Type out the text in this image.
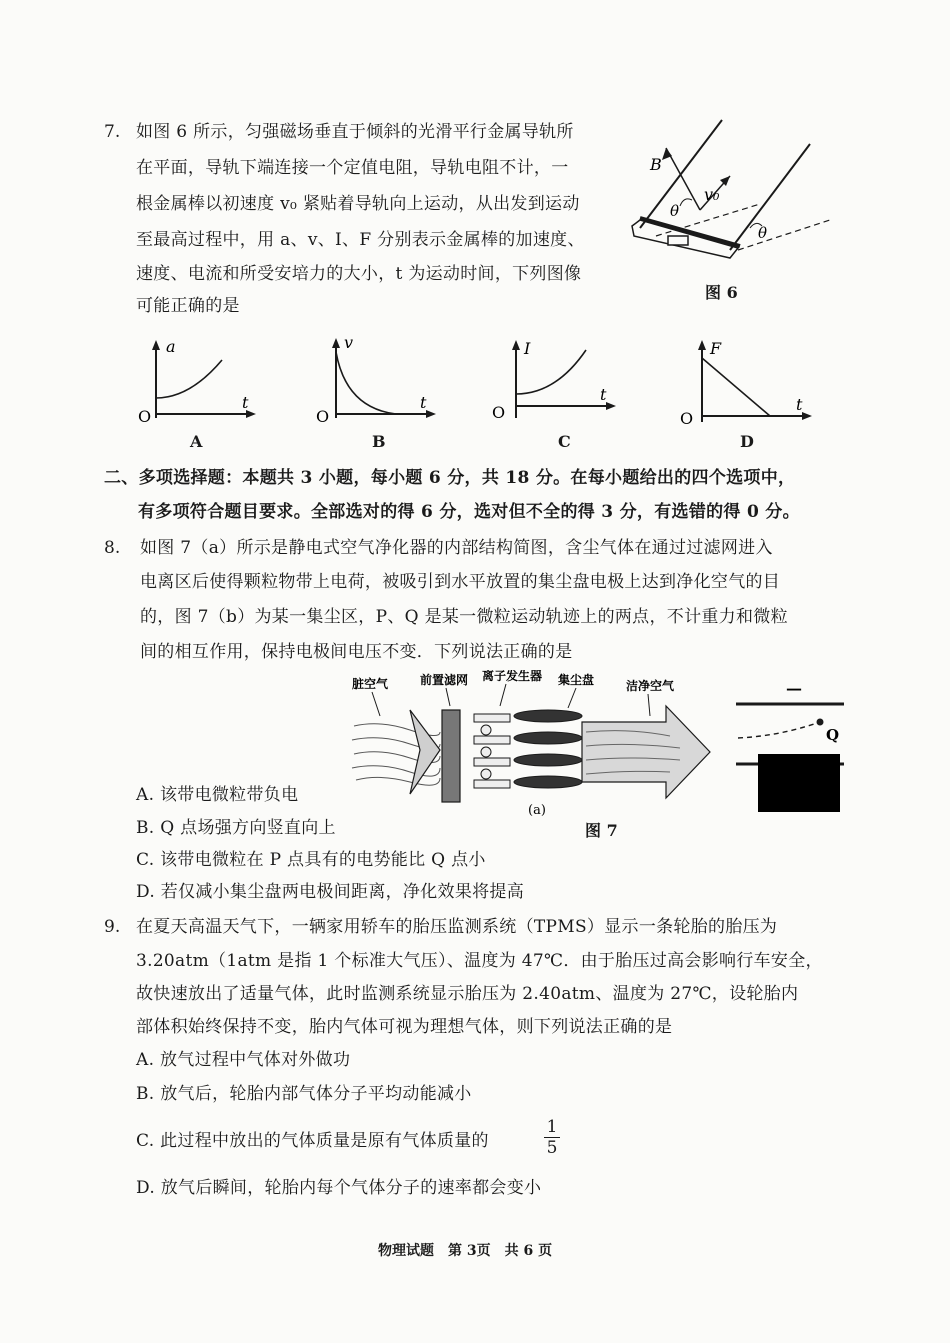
7. 如图 6 所示，匀强磁场垂直于倾斜的光滑平行金属导轨所
在平面，导轨下端连接一个定值电阻，导轨电阻不计，一
根金属棒以初速度 v₀ 紧贴着导轨向上运动，从出发到运动
至最高过程中，用 a、v、I、F 分别表示金属棒的加速度、
速度、电流和所受安培力的大小，t 为运动时间，下列图像
可能正确的是
B
v₀
θ
θ
图 6
a
t
O
A
v
t
O
B
I
t
O
C
F
t
O
D
二、多项选择题：本题共 3 小题，每小题 6 分，共 18 分。在每小题给出的四个选项中，
有多项符合题目要求。全部选对的得 6 分，选对但不全的得 3 分，有选错的得 0 分。
8. 如图 7（a）所示是静电式空气净化器的内部结构简图，含尘气体在通过过滤网进入
电离区后使得颗粒物带上电荷，被吸引到水平放置的集尘盘电极上达到净化空气的目
的，图 7（b）为某一集尘区，P、Q 是某一微粒运动轨迹上的两点，不计重力和微粒
间的相互作用，保持电极间电压不变．下列说法正确的是
脏空气	前置滤网 离子发生器 集尘盘	洁净空气
(a)
—
Q
图 7
A. 该带电微粒带负电
B. Q 点场强方向竖直向上
C. 该带电微粒在 P 点具有的电势能比 Q 点小
D. 若仅减小集尘盘两电极间距离，净化效果将提高
9. 在夏天高温天气下，一辆家用轿车的胎压监测系统（TPMS）显示一条轮胎的胎压为
3.20atm（1atm 是指 1 个标准大气压）、温度为 47℃．由于胎压过高会影响行车安全，
故快速放出了适量气体，此时监测系统显示胎压为 2.40atm、温度为 27℃，设轮胎内
部体积始终保持不变，胎内气体可视为理想气体，则下列说法正确的是
A. 放气过程中气体对外做功
B. 放气后，轮胎内部气体分子平均动能减小
C. 此过程中放出的气体质量是原有气体质量的
1
5
D. 放气后瞬间，轮胎内每个气体分子的速率都会变小
物理试题　第 3页　共 6 页
